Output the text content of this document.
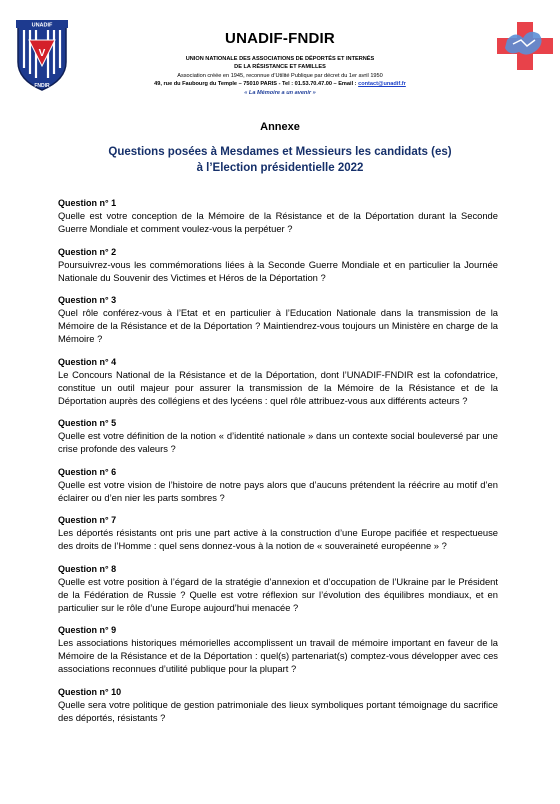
V
UNADIF
FNDIR
UNADIF-FNDIR
UNION NATIONALE DES ASSOCIATIONS DE DÉPORTÉS ET INTERNÉS
DE LA RÉSISTANCE ET FAMILLES
Association créée en 1945, reconnue d’Utilité Publique par décret du 1er avril 1950
49, rue du Faubourg du Temple – 75010 PARIS - Tel : 01.53.70.47.00 – Email : contact@unadif.fr
« La Mémoire a un avenir »
Annexe
Questions posées à Mesdames et Messieurs les candidats (es)
à l’Election présidentielle 2022
Question n° 1
Quelle est votre conception de la Mémoire de la Résistance et de la Déportation durant la Seconde Guerre Mondiale et comment voulez-vous la perpétuer ?
Question n° 2
Poursuivrez-vous les commémorations liées à la Seconde Guerre Mondiale et en particulier la Journée Nationale du Souvenir des Victimes et Héros de la Déportation ?
Question n° 3
Quel rôle conférez-vous à l’Etat et en particulier à l’Education Nationale dans la transmission de la Mémoire de la Résistance et de la Déportation ? Maintiendrez-vous toujours un Ministère en charge de la Mémoire ?
Question n° 4
Le Concours National de la Résistance et de la Déportation, dont l’UNADIF-FNDIR est la cofondatrice, constitue un outil majeur pour assurer la transmission de la Mémoire de la Résistance et de la Déportation auprès des collégiens et des lycéens : quel rôle attribuez-vous aux différents acteurs ?
Question n° 5
Quelle est votre définition de la notion « d’identité nationale » dans un contexte social bouleversé par une crise profonde des valeurs ?
Question n° 6
Quelle est votre vision de l’histoire de notre pays alors que d’aucuns prétendent la réécrire au motif d’en éclairer ou d’en nier les parts sombres ?
Question n° 7
Les déportés résistants ont pris une part active à la construction d’une Europe pacifiée et respectueuse des droits de l’Homme : quel sens donnez-vous à la notion de « souveraineté européenne » ?
Question n° 8
Quelle est votre position à l’égard de la stratégie d’annexion et d’occupation de l’Ukraine par le Président de la Fédération de Russie ? Quelle est votre réflexion sur l’évolution des équilibres mondiaux, et en particulier sur le rôle d’une Europe aujourd’hui menacée ?
Question n° 9
Les associations historiques mémorielles accomplissent un travail de mémoire important en faveur de la Mémoire de la Résistance et de la Déportation : quel(s) partenariat(s) comptez-vous développer avec ces associations reconnues d’utilité publique pour la plupart ?
Question n° 10
Quelle sera votre politique de gestion patrimoniale des lieux symboliques portant témoignage du sacrifice des déportés, résistants ?
